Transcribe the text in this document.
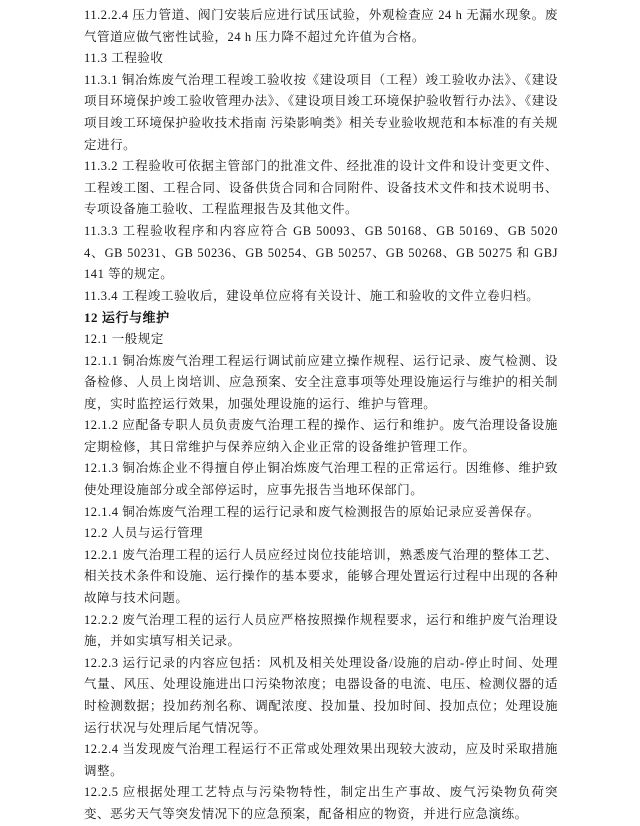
11.2.2.4 压力管道、阀门安装后应进行试压试验，外观检查应 24 h 无漏水现象。废气管道应做气密性试验，24 h 压力降不超过允许值为合格。

11.3 工程验收

11.3.1 铜冶炼废气治理工程竣工验收按《建设项目（工程）竣工验收办法》、《建设项目环境保护竣工验收管理办法》、《建设项目竣工环境保护验收暂行办法》、《建设项目竣工环境保护验收技术指南 污染影响类》相关专业验收规范和本标准的有关规定进行。

11.3.2 工程验收可依据主管部门的批准文件、经批准的设计文件和设计变更文件、工程竣工图、工程合同、设备供货合同和合同附件、设备技术文件和技术说明书、专项设备施工验收、工程监理报告及其他文件。

11.3.3 工程验收程序和内容应符合 GB 50093、GB 50168、GB 50169、GB 50204、GB 50231、GB 50236、GB 50254、GB 50257、GB 50268、GB 50275 和 GBJ 141 等的规定。

11.3.4 工程竣工验收后，建设单位应将有关设计、施工和验收的文件立卷归档。

12 运行与维护

12.1 一般规定

12.1.1 铜冶炼废气治理工程运行调试前应建立操作规程、运行记录、废气检测、设备检修、人员上岗培训、应急预案、安全注意事项等处理设施运行与维护的相关制度，实时监控运行效果，加强处理设施的运行、维护与管理。

12.1.2 应配备专职人员负责废气治理工程的操作、运行和维护。废气治理设备设施定期检修，其日常维护与保养应纳入企业正常的设备维护管理工作。

12.1.3 铜冶炼企业不得擅自停止铜冶炼废气治理工程的正常运行。因维修、维护致使处理设施部分或全部停运时，应事先报告当地环保部门。

12.1.4 铜冶炼废气治理工程的运行记录和废气检测报告的原始记录应妥善保存。

12.2 人员与运行管理

12.2.1 废气治理工程的运行人员应经过岗位技能培训，熟悉废气治理的整体工艺、相关技术条件和设施、运行操作的基本要求，能够合理处置运行过程中出现的各种故障与技术问题。

12.2.2 废气治理工程的运行人员应严格按照操作规程要求，运行和维护废气治理设施，并如实填写相关记录。

12.2.3 运行记录的内容应包括：风机及相关处理设备/设施的启动-停止时间、处理气量、风压、处理设施进出口污染物浓度；电器设备的电流、电压、检测仪器的适时检测数据；投加药剂名称、调配浓度、投加量、投加时间、投加点位；处理设施运行状况与处理后尾气情况等。

12.2.4 当发现废气治理工程运行不正常或处理效果出现较大波动，应及时采取措施调整。

12.2.5 应根据处理工艺特点与污染物特性，制定出生产事故、废气污染物负荷突变、恶劣天气等突发情况下的应急预案，配备相应的物资，并进行应急演练。
